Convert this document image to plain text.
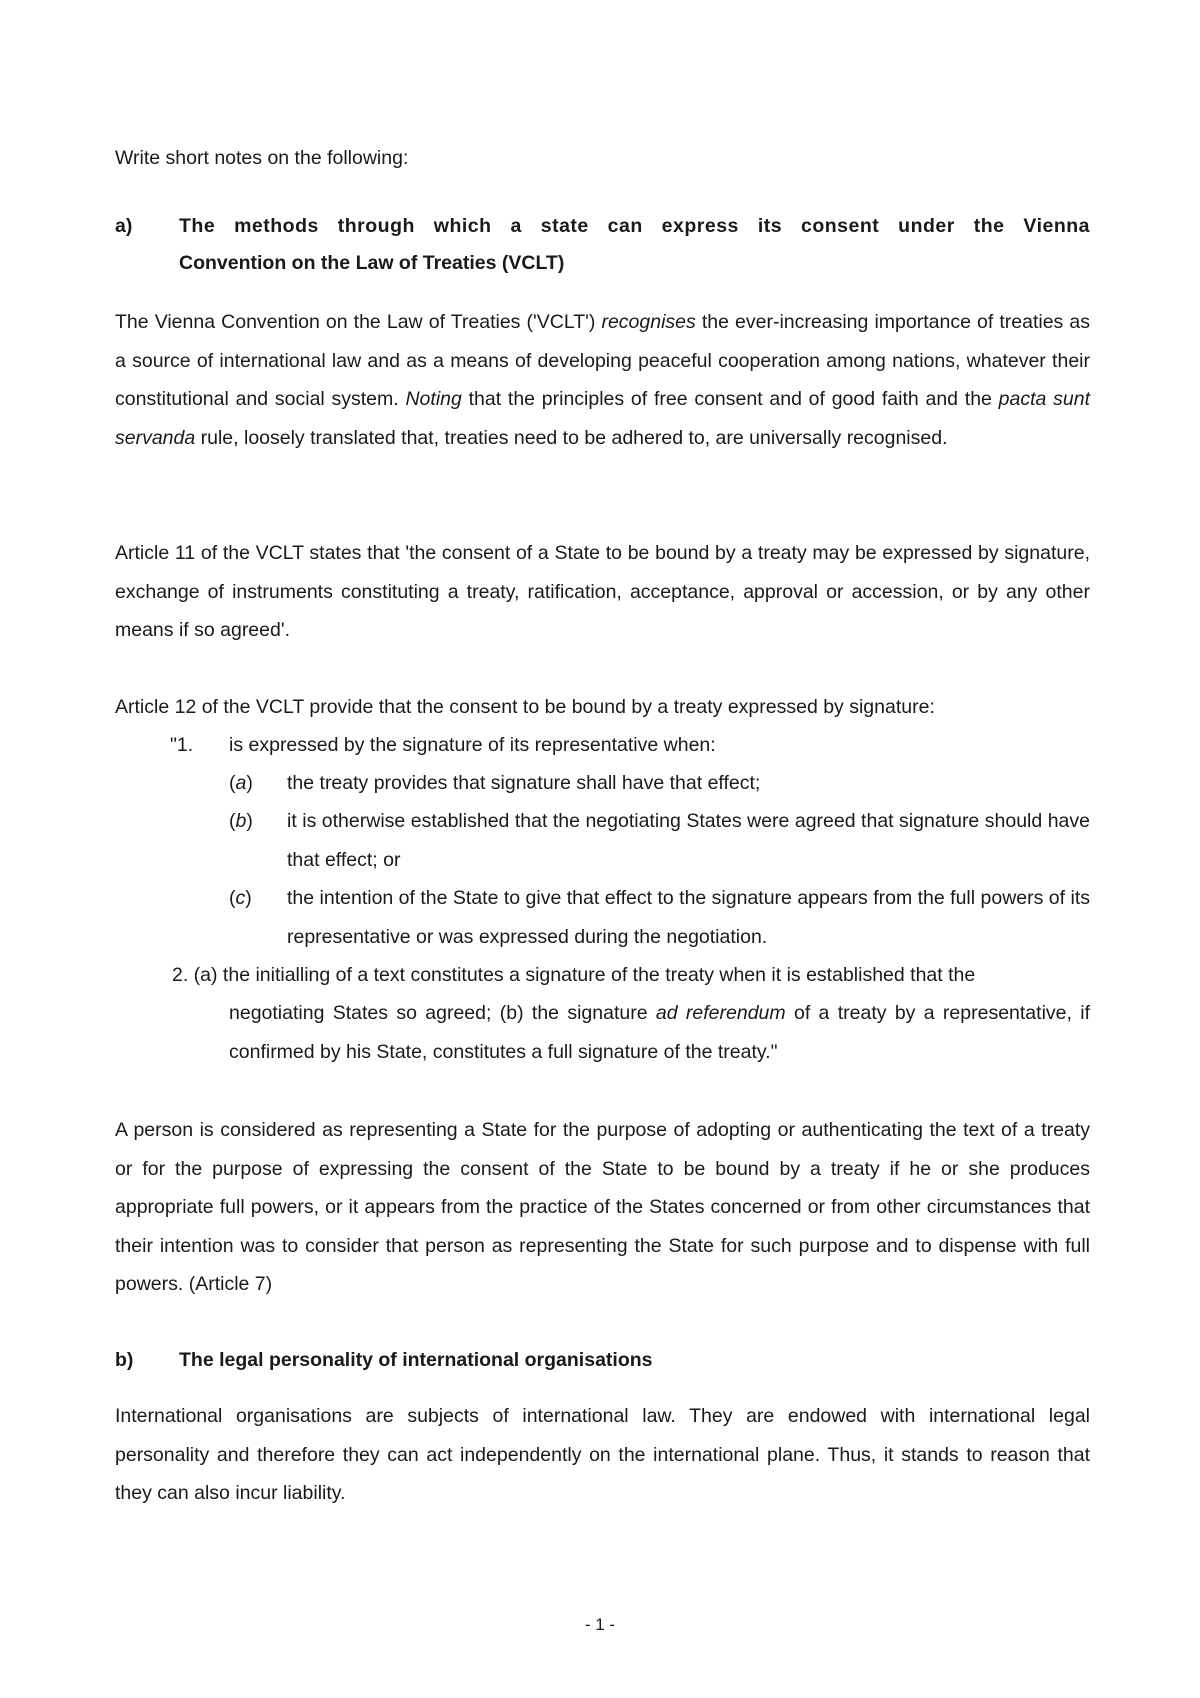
Write short notes on the following:

a) The methods through which a state can express its consent under the Vienna
Convention on the Law of Treaties (VCLT)

The Vienna Convention on the Law of Treaties ('VCLT') recognises the ever-increasing importance of treaties as a source of international law and as a means of developing peaceful cooperation among nations, whatever their constitutional and social system. Noting that the principles of free consent and of good faith and the pacta sunt servanda rule, loosely translated that, treaties need to be adhered to, are universally recognised.

Article 11 of the VCLT states that 'the consent of a State to be bound by a treaty may be expressed by signature, exchange of instruments constituting a treaty, ratification, acceptance, approval or accession, or by any other means if so agreed'.

Article 12 of the VCLT provide that the consent to be bound by a treaty expressed by signature:

"1. is expressed by the signature of its representative when:

(a) the treaty provides that signature shall have that effect;

(b) it is otherwise established that the negotiating States were agreed that signature should have that effect; or

(c) the intention of the State to give that effect to the signature appears from the full powers of its representative or was expressed during the negotiation.

2. (a) the initialling of a text constitutes a signature of the treaty when it is established that the

negotiating States so agreed; (b) the signature ad referendum of a treaty by a representative, if confirmed by his State, constitutes a full signature of the treaty."

A person is considered as representing a State for the purpose of adopting or authenticating the text of a treaty or for the purpose of expressing the consent of the State to be bound by a treaty if he or she produces appropriate full powers, or it appears from the practice of the States concerned or from other circumstances that their intention was to consider that person as representing the State for such purpose and to dispense with full powers. (Article 7)

b) The legal personality of international organisations

International organisations are subjects of international law. They are endowed with international legal personality and therefore they can act independently on the international plane. Thus, it stands to reason that they can also incur liability.

- 1 -
